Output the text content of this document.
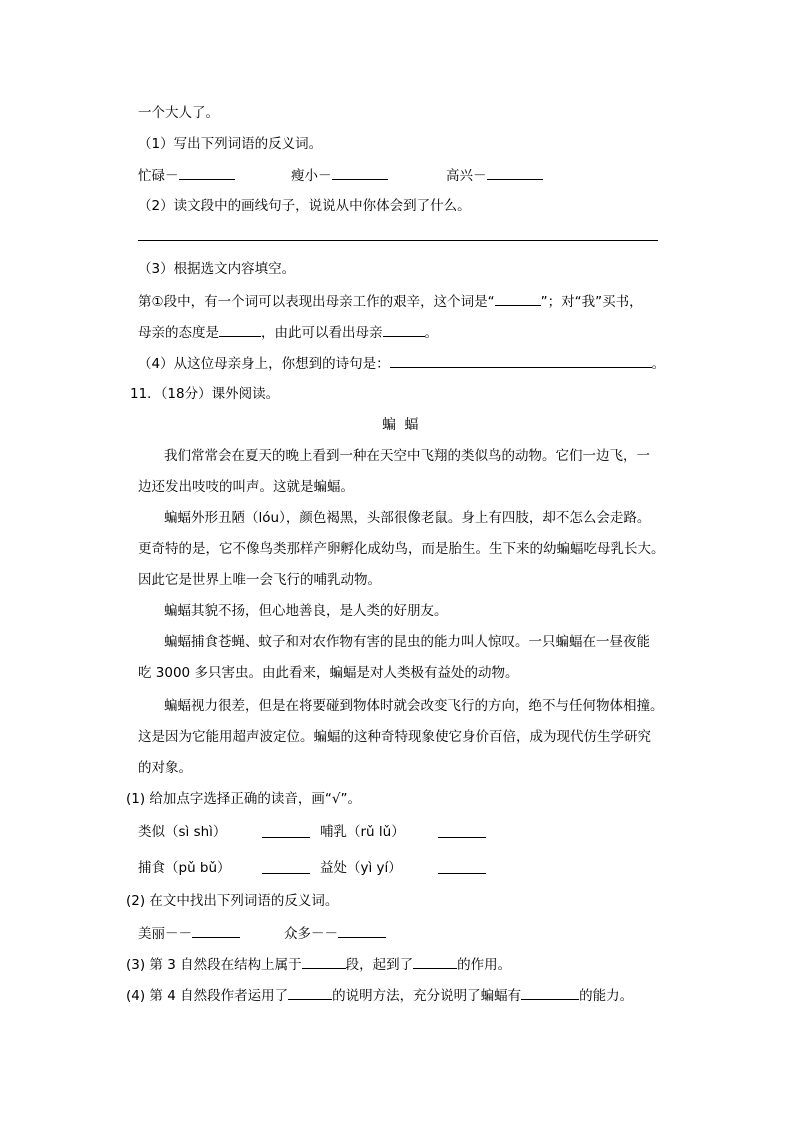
一个大人了。
（1）写出下列词语的反义词。
忙碌－	瘦小－	高兴－
（2）读文段中的画线句子，说说从中你体会到了什么。
（3）根据选文内容填空。
第①段中，有一个词可以表现出母亲工作的艰辛，这个词是“	”；对“我”买书，
母亲的态度是	，由此可以看出母亲	。
（4）从这位母亲身上，你想到的诗句是：	。
11．（18分）课外阅读。
蝙 蝠
我们常常会在夏天的晚上看到一种在天空中飞翔的类似鸟的动物。它们一边飞，一
边还发出吱吱的叫声。这就是蝙蝠。
蝙蝠外形丑陋（lóu），颜色褐黑，头部很像老鼠。身上有四肢，却不怎么会走路。
更奇特的是，它不像鸟类那样产卵孵化成幼鸟，而是胎生。生下来的幼蝙蝠吃母乳长大。
因此它是世界上唯一会飞行的哺乳动物。
蝙蝠其貌不扬，但心地善良，是人类的好朋友。
蝙蝠捕食苍蝇、蚊子和对农作物有害的昆虫的能力叫人惊叹。一只蝙蝠在一昼夜能
吃 3000 多只害虫。由此看来，蝙蝠是对人类极有益处的动物。
蝙蝠视力很差，但是在将要碰到物体时就会改变飞行的方向，绝不与任何物体相撞。
这是因为它能用超声波定位。蝙蝠的这种奇特现象使它身价百倍，成为现代仿生学研究
的对象。
(1) 给加点字选择正确的读音，画“√”。
类似（sì shì）	哺乳（rǔ lǔ）
捕食（pǔ bǔ）	益处（yì yí）
(2) 在文中找出下列词语的反义词。
美丽－－	众多－－
(3) 第 3 自然段在结构上属于	段，起到了	的作用。
(4) 第 4 自然段作者运用了	的说明方法，充分说明了蝙蝠有	的能力。
